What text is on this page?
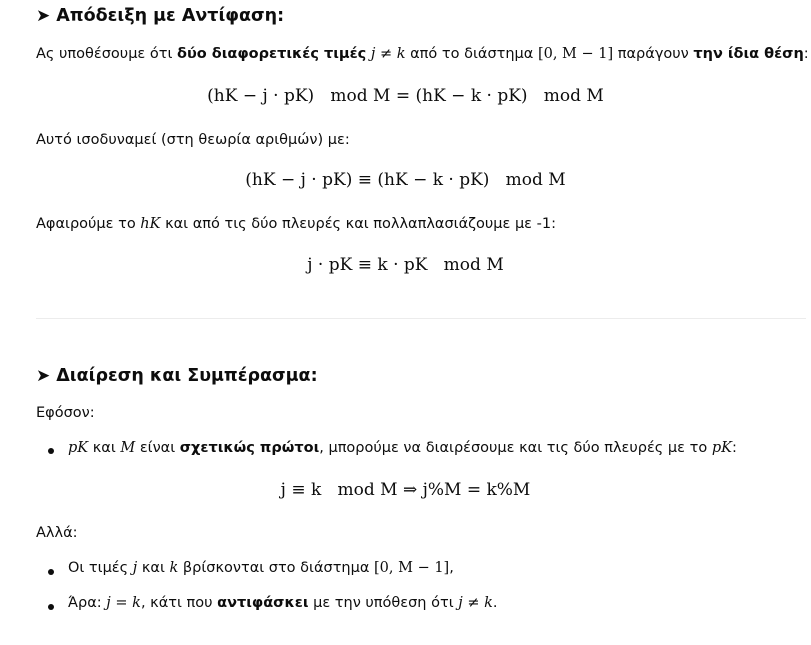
➤ Απόδειξη με Αντίφαση:
Ας υποθέσουμε ότι δύο διαφορετικές τιμές j ≠ k από το διάστημα [0, M − 1] παράγουν την ίδια θέση:
(hK − j · pK)   mod M = (hK − k · pK)   mod M
Αυτό ισοδυναμεί (στη θεωρία αριθμών) με:
(hK − j · pK) ≡ (hK − k · pK)   mod M
Αφαιρούμε το hK και από τις δύο πλευρές και πολλαπλασιάζουμε με -1:
j · pK ≡ k · pK   mod M
➤ Διαίρεση και Συμπέρασμα:
Εφόσον:
pK και M είναι σχετικώς πρώτοι, μπορούμε να διαιρέσουμε και τις δύο πλευρές με το pK:
j ≡ k   mod M ⇒ j%M = k%M
Αλλά:
Οι τιμές j και k βρίσκονται στο διάστημα [0, M − 1],
Άρα: j = k, κάτι που αντιφάσκει με την υπόθεση ότι j ≠ k.
